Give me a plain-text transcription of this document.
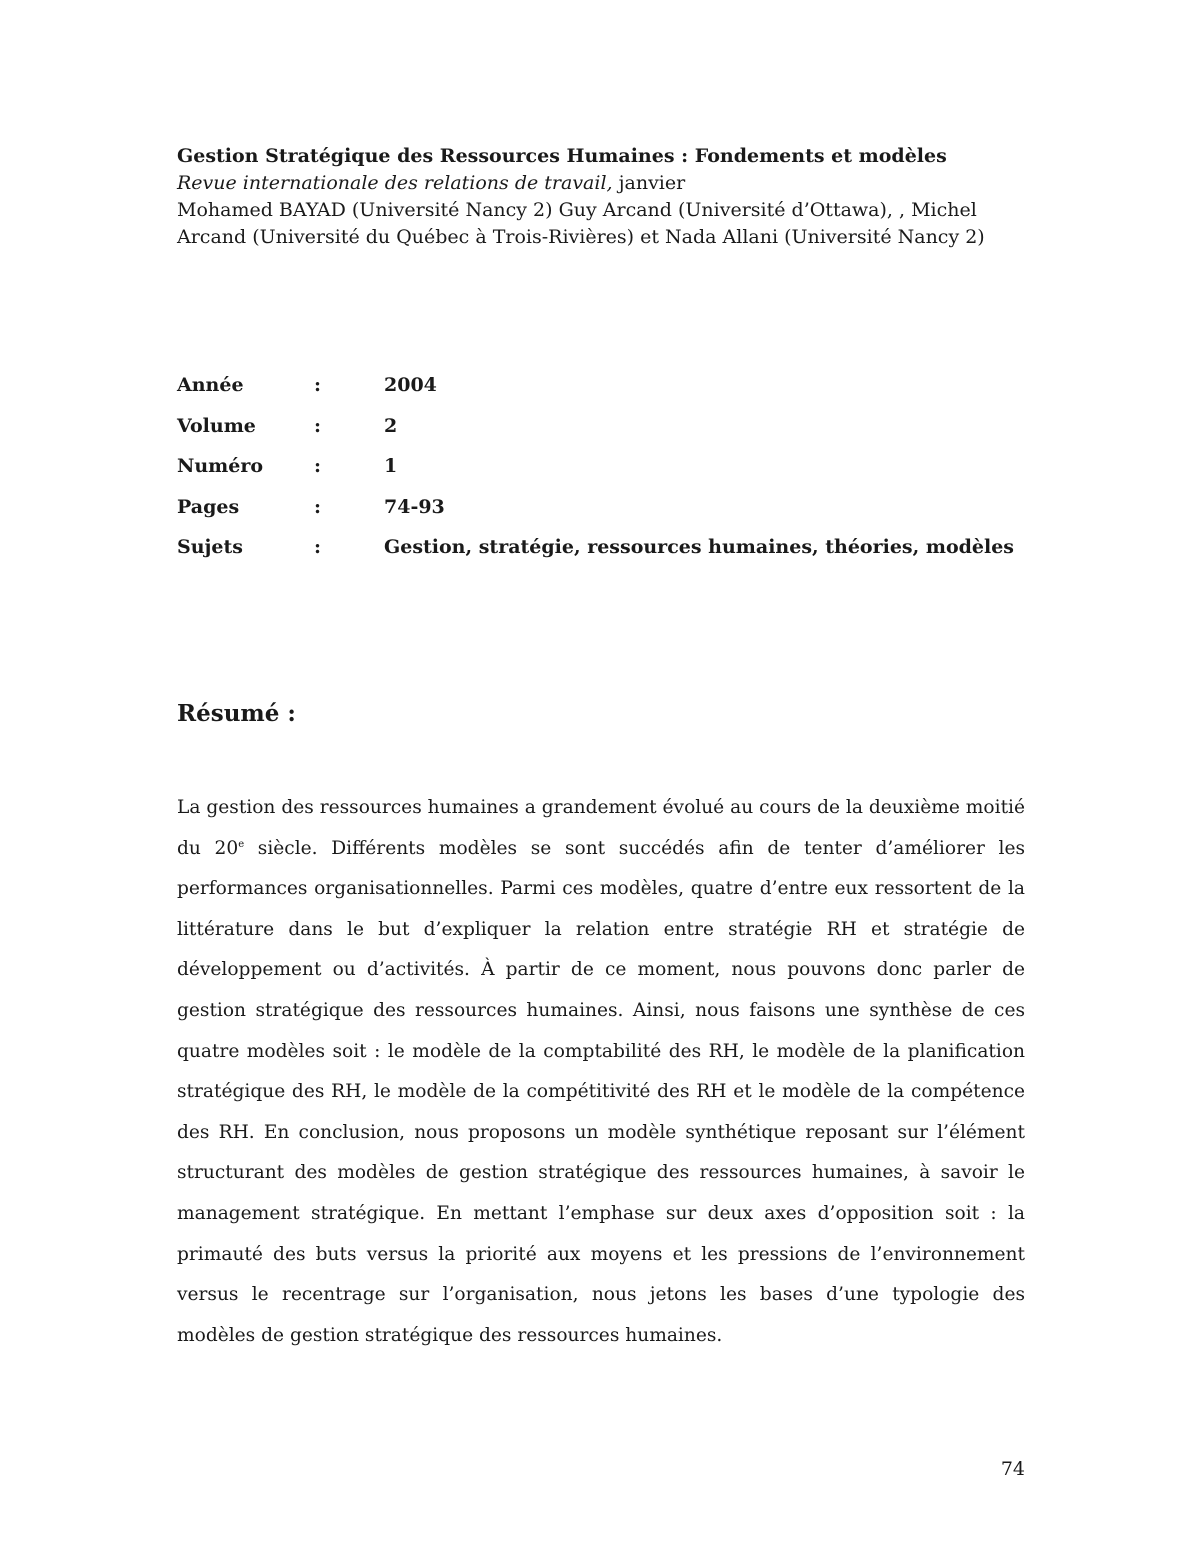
Gestion Stratégique des Ressources Humaines : Fondements et modèles
Revue internationale des relations de travail, janvier
Mohamed BAYAD (Université Nancy 2) Guy Arcand (Université d’Ottawa), , Michel Arcand (Université du Québec à Trois-Rivières) et Nada Allani (Université Nancy 2)
Année	:	2004
Volume	:	2
Numéro	:	1
Pages	:	74-93
Sujets	:	Gestion, stratégie, ressources humaines, théories, modèles
Résumé :

La gestion des ressources humaines a grandement évolué au cours de la deuxième moitié du 20e siècle. Différents modèles se sont succédés afin de tenter d’améliorer les performances organisationnelles. Parmi ces modèles, quatre d’entre eux ressortent de la littérature dans le but d’expliquer la relation entre stratégie RH et stratégie de développement ou d’activités. À partir de ce moment, nous pouvons donc parler de gestion stratégique des ressources humaines. Ainsi, nous faisons une synthèse de ces quatre modèles soit : le modèle de la comptabilité des RH, le modèle de la planification stratégique des RH, le modèle de la compétitivité des RH et le modèle de la compétence des RH. En conclusion, nous proposons un modèle synthétique reposant sur l’élément structurant des modèles de gestion stratégique des ressources humaines, à savoir le management stratégique. En mettant l’emphase sur deux axes d’opposition soit : la primauté des buts versus la priorité aux moyens et les pressions de l’environnement versus le recentrage sur l’organisation, nous jetons les bases d’une typologie des modèles de gestion stratégique des ressources humaines.

74
